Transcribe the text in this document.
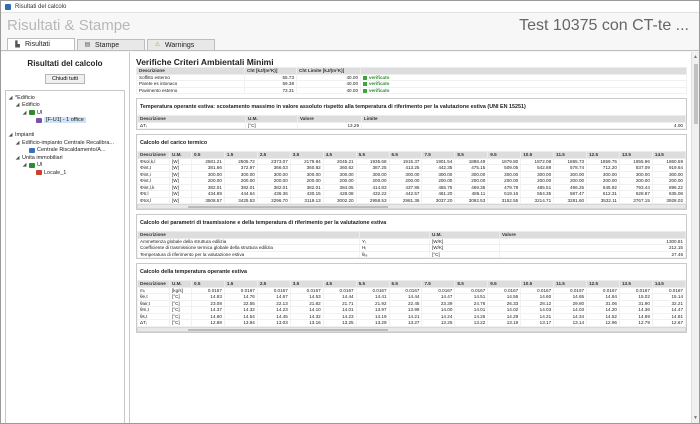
Risultati del calcolo
Risultati & Stampe	Test 10375 con CT-te ...
▙ Risultati	▤ Stampe	⚠ Warnings
Risultati del calcolo
Chiudi tutti
◢ *Edificio
◢ Edificio
◢ UI
[F-U1] - 1 office
◢ Impianti
◢ Edificio-impianto Centrale Recalibra...
Centrale Riscaldamento/A...
◢ Unita immobiliari
◢ UI
Locale_1
Verifiche Criteri Ambientali Minimi
Descrizione	Cht [kJ/(m²K)]	Cht Limite [kJ/(m²K)]	
Soffitto esterno	55.73	40.00	verificato
Parete es intonaco	59.38	40.00	verificato
Pavimento esterno	73.31	40.00	verificato
Temperatura operante estiva: scostamento massimo in valore assoluto rispetto alla temperatura di riferimento per la valutazione estiva (UNI EN 15251)
Descrizione	U.M.	Valore	Limite
ΔTᵢ	[°C]	13.29	4.00
Calcolo del carico termico
Descrizione	U.M.	0.5	1.5	2.5	3.5	4.5	5.5	6.5	7.5	8.5	9.5	10.5	11.5	12.5	13.5	14.5
Φsol,k,l	[W]	2581.21	2505.72	2373.07	2179.84	2045.21	1935.68	1915.37	1901.54	1888.49	1879.80	1872.08	1865.73	1859.75	1855.96	1860.59
Φint,t	[W]	381.66	372.97	366.03	360.82	360.62	387.25	413.25	442.35	475.15	509.05	542.88	578.74	712.20	837.09	919.64
Φint,i	[W]	300.00	300.00	300.00	300.00	300.00	300.00	300.00	300.00	300.00	300.00	300.00	300.00	300.00	300.00	300.00
Φint,l	[W]	200.00	200.00	200.00	200.00	200.00	200.00	200.00	200.00	200.00	200.00	200.00	200.00	200.00	200.00	200.00
Φint,l,k	[W]	382.01	382.01	382.01	382.01	384.05	414.83	437.85	455.75	469.35	479.78	485.51	496.25	645.92	793.44	896.22
Φtr,l	[W]	434.89	444.64	436.36	430.15	428.08	432.22	442.57	461.20	486.11	519.16	554.35	587.47	612.31	628.87	635.08
Φtot,l	[W]	3508.57	3425.53	3296.70	3119.13	3002.20	2958.53	2981.36	3037.20	3092.53	3152.55	3214.71	3281.60	3532.11	3767.15	3928.02
Calcolo dei parametri di trasmissione e della temperatura di riferimento per la valutazione estiva
Descrizione		U.M.	Valore
Ammettenza globale della struttura edilizia	Yᵢ	[W/K]	1300.81
Coefficiente di trasmissione termica globale della struttura edilizia	Hᵢ	[W/K]	212.15
Temperatura di riferimento per la valutazione estiva	θᵣₑ	[°C]	27.46
Calcolo della temperatura operante estiva
Descrizione	U.M.	0.5	1.5	2.5	3.5	4.5	5.5	6.5	7.5	8.5	9.5	10.5	11.5	12.5	13.5	14.5
mᵢ	[kg/s]	0.0167	0.0167	0.0167	0.0167	0.0167	0.0167	0.0167	0.0167	0.0167	0.0167	0.0167	0.0167	0.0167	0.0167	0.0167
θe,t	[°C]	14.83	14.76	14.67	14.53	14.44	14.41	14.44	14.47	14.51	14.56	14.60	14.65	14.84	15.02	15.14
θair,t	[°C]	23.08	22.55	22.13	21.82	21.71	21.92	22.45	23.39	24.76	26.33	28.12	29.80	31.06	31.90	32.21
θm,t	[°C]	14.37	14.32	14.23	14.10	14.01	13.97	13.99	14.00	14.01	14.02	14.03	14.03	14.20	14.36	14.47
θs,t	[°C]	14.60	14.54	14.45	14.32	14.23	14.19	14.21	14.24	14.26	14.29	14.31	14.34	14.52	14.69	14.81
ΔTᵢ	[°C]	12.88	13.94	13.03	13.16	13.25	13.29	13.27	13.25	13.22	13.19	13.17	13.14	12.96	12.79	12.67
▲
▼
